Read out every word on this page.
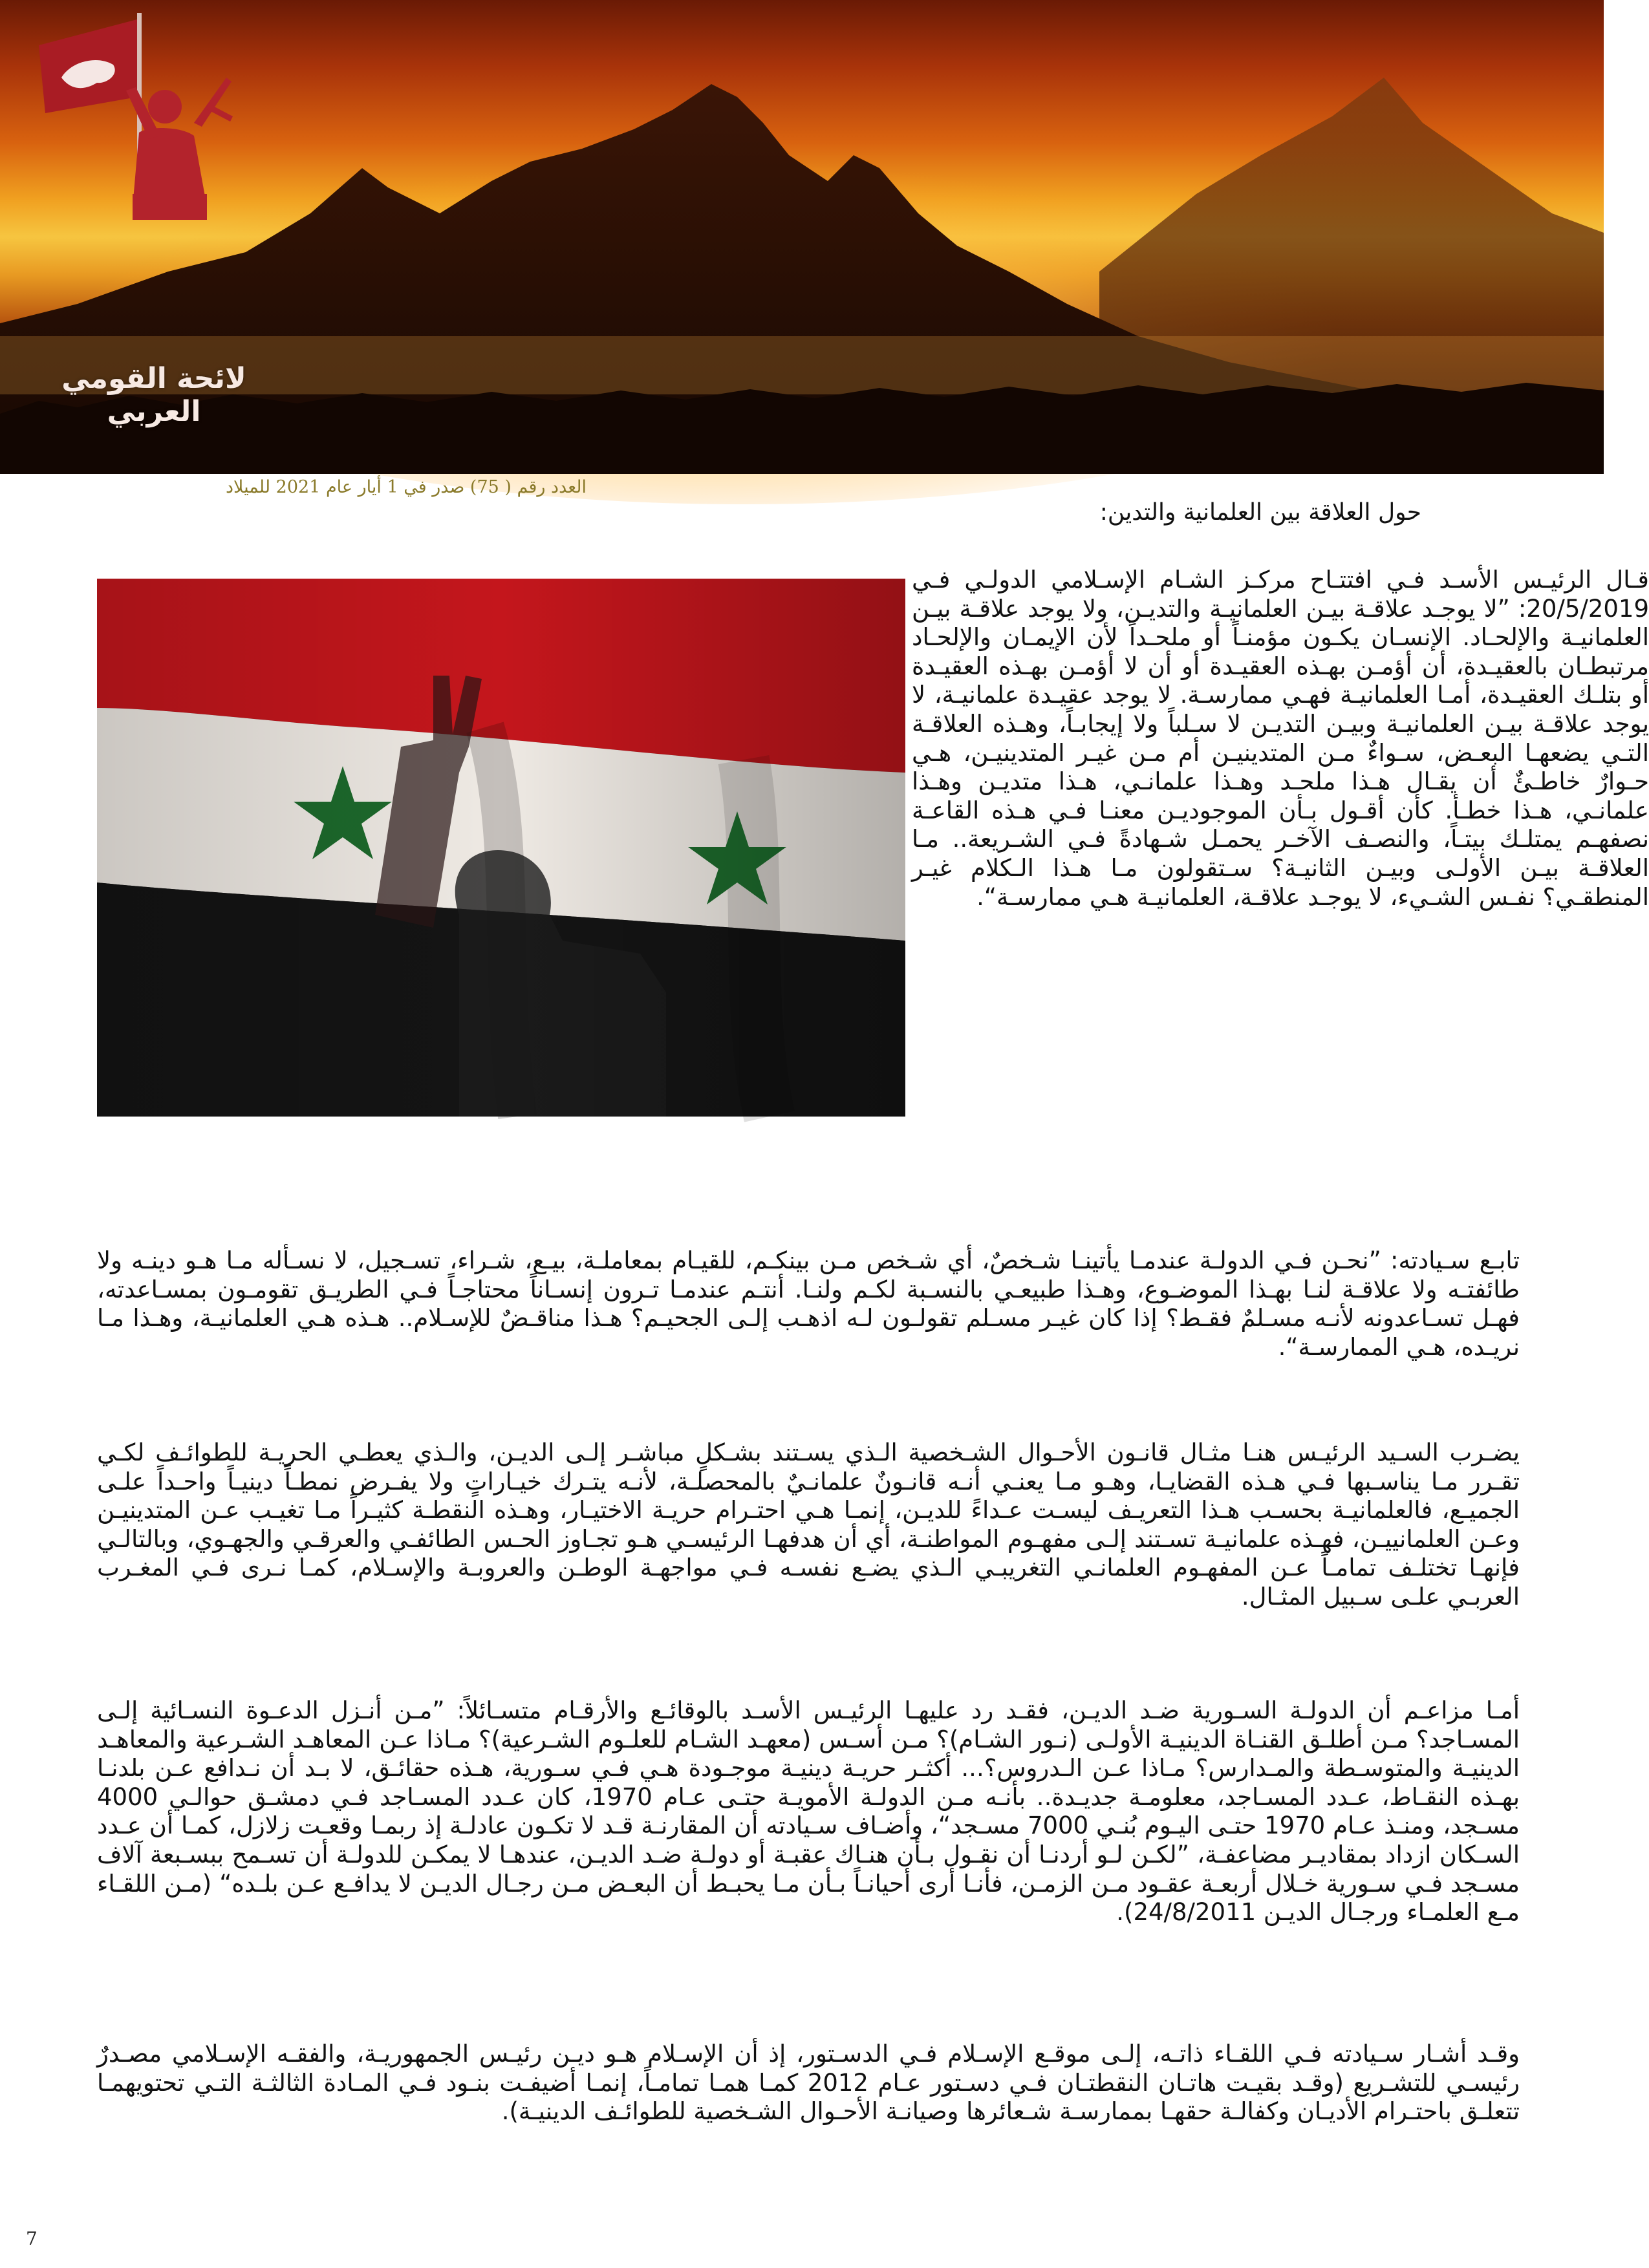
لائحة القومي العربي
العدد رقم ( 75) صدر في 1 أيار عام 2021 للميلاد
حول العلاقة بين العلمانية والتدين:
قـال الرئيـس الأسـد فـي افتتـاح مركـز الشـام الإسـلامي الدولـي فـي 20/5/2019: ”لا يوجـد علاقـة بيـن العلمانيـة والتديـن، ولا يوجد علاقـة بيـن العلمانيـة والإلحـاد. الإنسـان يكـون مؤمنـاً أو ملحـداً لأن الإيمـان والإلحـاد مرتبطـان بالعقيـدة، أن أؤمـن بهـذه العقيـدة أو أن لا أؤمـن بهـذه العقيـدة أو بتلـك العقيـدة، أمـا العلمانيـة فهـي ممارسـة. لا يوجد عقيـدة علمانيـة، لا يوجد علاقـة بيـن العلمانيـة وبيـن التديـن لا سـلباً ولا إيجابـاً، وهـذه العلاقـة التـي يضعهـا البعـض، سـواءٌ مـن المتدينيـن أم مـن غيـر المتدينيـن، هـي حـوارٌ خاطـئٌ أن يقـال هـذا ملحـد وهـذا علمانـي، هـذا متديـن وهـذا علمانـي، هـذا خطـأ. كأن أقـول بـأن الموجوديـن معنـا فـي هـذه القاعـة نصفهـم يمتلـك بيتـاً، والنصـف الآخـر يحمـل شـهادةً فـي الشـريعة.. مـا العلاقـة بيـن الأولـى وبيـن الثانيـة؟ سـتقولون مـا هـذا الـكلام غيـر المنطقـي؟ نفـس الشـيء، لا يوجـد علاقـة، العلمانيـة هـي ممارسـة“.
تابـع سـيادته: ”نحـن فـي الدولـة عندمـا يأتينـا شـخصٌ، أي شـخص مـن بينكـم، للقيـام بمعاملـة، بيـع، شـراء، تسـجيل، لا نسـأله مـا هـو دينـه ولا طائفتـه ولا علاقـة لنـا بهـذا الموضـوع، وهـذا طبيعـي بالنسـبة لكـم ولنـا. أنتـم عندمـا تـرون إنسـاناً محتاجـاً فـي الطريـق تقومـون بمسـاعدته، فهـل تسـاعدونه لأنـه مسـلمٌ فقـط؟ إذا كان غيـر مسـلم تقولـون لـه اذهـب إلـى الجحيـم؟ هـذا مناقـضٌ للإسـلام.. هـذه هـي العلمانيـة، وهـذا مـا نريـده، هـي الممارسـة“.
يضـرب السـيد الرئيـس هنـا مثـال قانـون الأحـوال الشـخصية الـذي يسـتند بشـكلٍ مباشـر إلـى الديـن، والـذي يعطـي الحريـة للطوائـف لكـي تقـرر مـا يناسـبها فـي هـذه القضايـا، وهـو مـا يعنـي أنـه قانـونٌ علمانـيٌ بالمحصلـة، لأنـه يتـرك خيـاراتٍ ولا يفـرض نمطـاً دينيـاً واحـداً علـى الجميـع، فالعلمانيـة بحسـب هـذا التعريـف ليسـت عـداءً للديـن، إنمـا هـي احتـرام حريـة الاختيـار، وهـذه النقطـة كثيـراً مـا تغيـب عـن المتدينيـن وعـن العلمانييـن، فهـذه علمانيـة تسـتند إلـى مفهـوم المواطنـة، أي أن هدفهـا الرئيسـي هـو تجـاوز الحـس الطائفـي والعرقـي والجهـوي، وبالتالـي فإنهـا تختلـف تمامـاً عـن المفهـوم العلمانـي التغريبـي الـذي يضـع نفسـه فـي مواجهـة الوطـن والعروبـة والإسـلام، كمـا نـرى فـي المغـرب العربـي علـى سـبيل المثـال.
أمـا مزاعـم أن الدولـة السـورية ضـد الديـن، فقـد رد عليهـا الرئيـس الأسـد بالوقائـع والأرقـام متسـائلاً: ”مـن أنـزل الدعـوة النسـائية إلـى المسـاجد؟ مـن أطلـق القنـاة الدينيـة الأولـى (نـور الشـام)؟ مـن أسـس (معهـد الشـام للعلـوم الشـرعية)؟ مـاذا عـن المعاهـد الشـرعية والمعاهـد الدينيـة والمتوسـطة والمـدارس؟ مـاذا عـن الـدروس؟... أكثـر حريـة دينيـة موجـودة هـي فـي سـورية، هـذه حقائـق، لا بـد أن نـدافع عـن بلدنـا بهـذه النقـاط، عـدد المسـاجد، معلومـة جديـدة.. بأنـه مـن الدولـة الأمويـة حتـى عـام 1970، كان عـدد المسـاجد فـي دمشـق حوالـي 4000 مسـجد، ومنـذ عـام 1970 حتـى اليـوم بُنـي 7000 مسـجد“، وأضـاف سـيادته أن المقارنـة قـد لا تكـون عادلـة إذ ربمـا وقعـت زلازل، كمـا أن عـدد السـكان ازداد بمقاديـر مضاعفـة، ”لكـن لـو أردنـا أن نقـول بـأن هنـاك عقبـة أو دولـة ضـد الديـن، عندهـا لا يمكـن للدولـة أن تسـمح ببسـبعة آلاف مسـجد فـي سـورية خـلال أربعـة عقـود مـن الزمـن، فأنـا أرى أحيانـاً بـأن مـا يحبـط أن البعـض مـن رجـال الديـن لا يدافـع عـن بلـده“ (مـن اللقـاء مـع العلمـاء ورجـال الديـن 24/8/2011).
وقـد أشـار سـيادته فـي اللقـاء ذاتـه، إلـى موقـع الإسـلام فـي الدسـتور، إذ أن الإسـلام هـو ديـن رئيـس الجمهوريـة، والفقـه الإسـلامي مصـدرٌ رئيسـي للتشـريع (وقـد بقيـت هاتـان النقطتـان فـي دسـتور عـام 2012 كمـا همـا تمامـاً، إنمـا أضيفـت بنـود فـي المـادة الثالثـة التـي تحتويهمـا تتعلـق باحتـرام الأديـان وكفالـة حقهـا بممارسـة شـعائرها وصيانـة الأحـوال الشـخصية للطوائـف الدينيـة).
7
